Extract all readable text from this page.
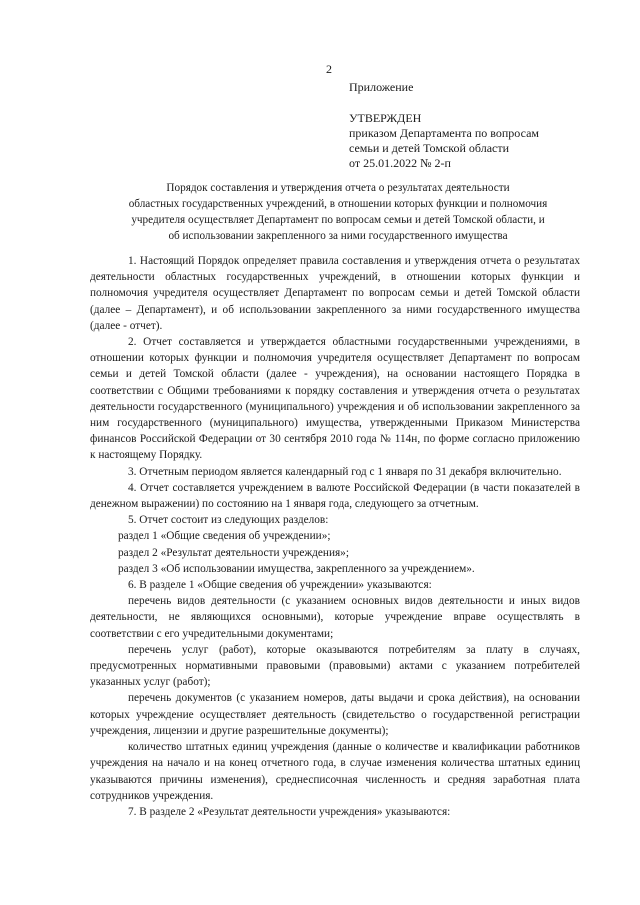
2
Приложение
УТВЕРЖДЕН
приказом Департамента по вопросам
семьи и детей Томской области
от 25.01.2022 № 2-п
Порядок составления и утверждения отчета о результатах деятельности
областных государственных учреждений, в отношении которых функции и полномочия
учредителя осуществляет Департамент по вопросам семьи и детей Томской области, и
об использовании закрепленного за ними государственного имущества

1. Настоящий Порядок определяет правила составления и утверждения отчета о результатах деятельности областных государственных учреждений, в отношении которых функции и полномочия учредителя осуществляет Департамент по вопросам семьи и детей Томской области (далее – Департамент), и об использовании закрепленного за ними государственного имущества (далее - отчет).

2. Отчет составляется и утверждается областными государственными учреждениями, в отношении которых функции и полномочия учредителя осуществляет Департамент по вопросам семьи и детей Томской области (далее - учреждения), на основании настоящего Порядка в соответствии с Общими требованиями к порядку составления и утверждения отчета о результатах деятельности государственного (муниципального) учреждения и об использовании закрепленного за ним государственного (муниципального) имущества, утвержденными Приказом Министерства финансов Российской Федерации от 30 сентября 2010 года № 114н, по форме согласно приложению к настоящему Порядку.

3. Отчетным периодом является календарный год с 1 января по 31 декабря включительно.

4. Отчет составляется учреждением в валюте Российской Федерации (в части показателей в денежном выражении) по состоянию на 1 января года, следующего за отчетным.

5. Отчет состоит из следующих разделов:

раздел 1 «Общие сведения об учреждении»;

раздел 2 «Результат деятельности учреждения»;

раздел 3 «Об использовании имущества, закрепленного за учреждением».

6. В разделе 1 «Общие сведения об учреждении» указываются:

перечень видов деятельности (с указанием основных видов деятельности и иных видов деятельности, не являющихся основными), которые учреждение вправе осуществлять в соответствии с его учредительными документами;

перечень услуг (работ), которые оказываются потребителям за плату в случаях, предусмотренных нормативными правовыми (правовыми) актами с указанием потребителей указанных услуг (работ);

перечень документов (с указанием номеров, даты выдачи и срока действия), на основании которых учреждение осуществляет деятельность (свидетельство о государственной регистрации учреждения, лицензии и другие разрешительные документы);

количество штатных единиц учреждения (данные о количестве и квалификации работников учреждения на начало и на конец отчетного года, в случае изменения количества штатных единиц указываются причины изменения), среднесписочная численность и средняя заработная плата сотрудников учреждения.

7. В разделе 2 «Результат деятельности учреждения» указываются:
